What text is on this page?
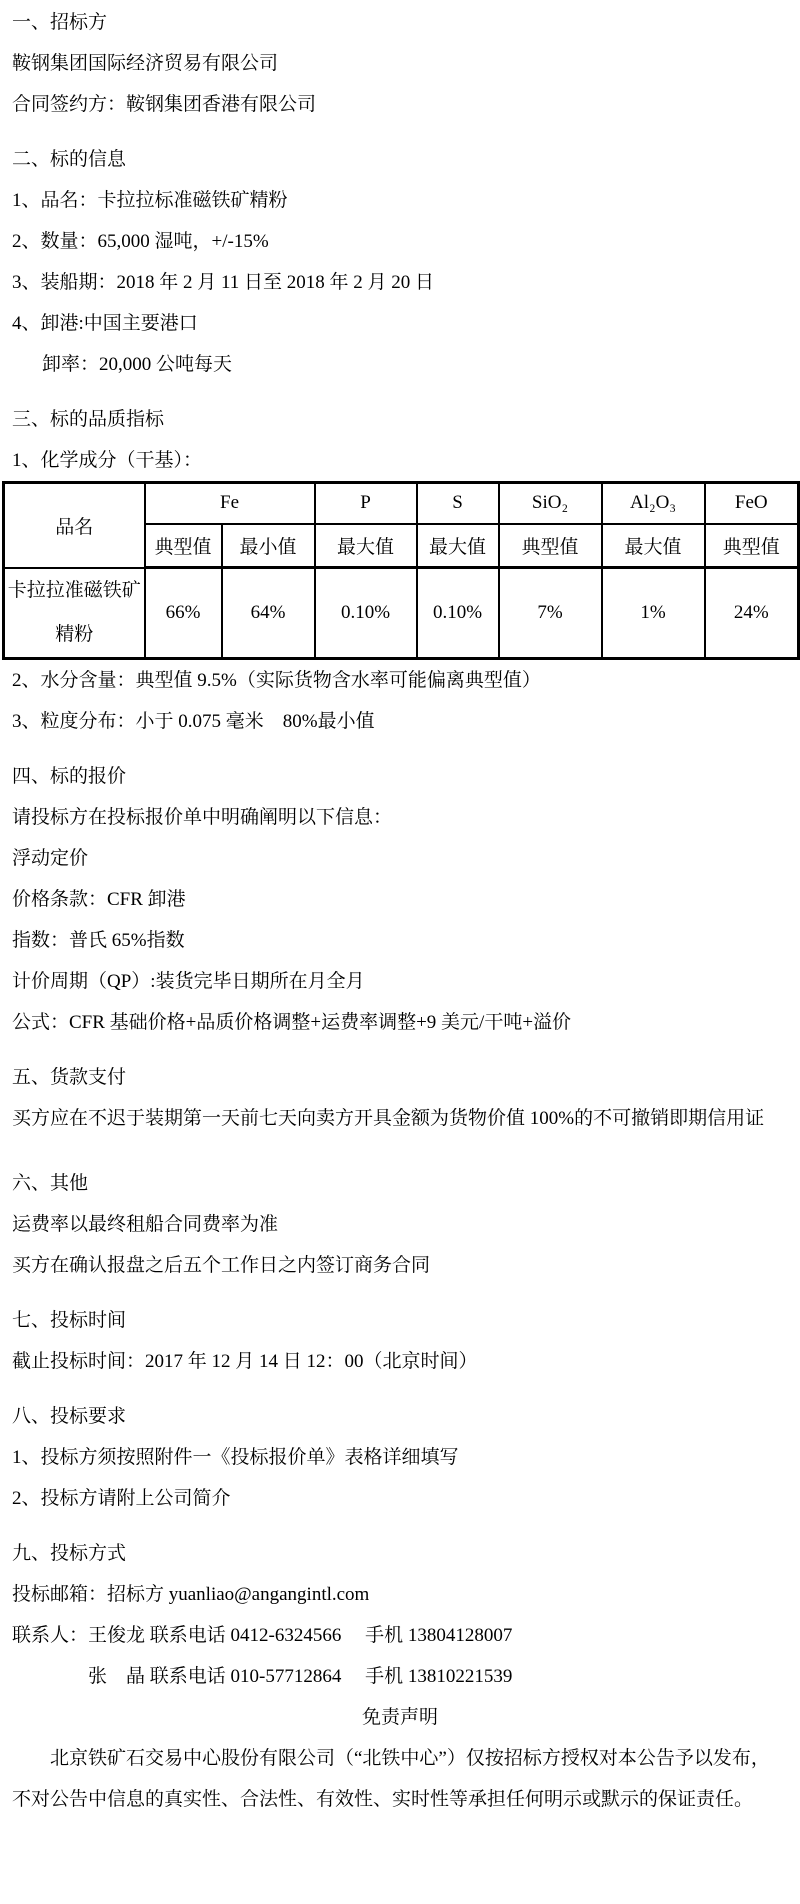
一、招标方

鞍钢集团国际经济贸易有限公司

合同签约方：鞍钢集团香港有限公司

二、标的信息

1、品名：卡拉拉标准磁铁矿精粉

2、数量：65,000 湿吨，+/-15%

3、装船期：2018 年 2 月 11 日至 2018 年 2 月 20 日

4、卸港:中国主要港口

卸率：20,000 公吨每天

三、标的品质指标

1、化学成分（干基）：

品名	Fe		P	S	SiO₂	Al₂O₃	FeO
	典型值	最小值	最大值	最大值	典型值	最大值	典型值
卡拉拉准磁铁矿精粉	66%	64%	0.10%	0.10%	7%	1%	24%

2、水分含量：典型值 9.5%（实际货物含水率可能偏离典型值）

3、粒度分布：小于 0.075 毫米　80%最小值

四、标的报价

请投标方在投标报价单中明确阐明以下信息：

浮动定价

价格条款：CFR 卸港

指数：普氏 65%指数

计价周期（QP）:装货完毕日期所在月全月

公式：CFR 基础价格+品质价格调整+运费率调整+9 美元/干吨+溢价

五、货款支付

买方应在不迟于装期第一天前七天向卖方开具金额为货物价值 100%的不可撤销即期信用证

六、其他

运费率以最终租船合同费率为准

买方在确认报盘之后五个工作日之内签订商务合同

七、投标时间

截止投标时间：2017 年 12 月 14 日 12：00（北京时间）

八、投标要求

1、投标方须按照附件一《投标报价单》表格详细填写

2、投标方请附上公司简介

九、投标方式

投标邮箱：招标方 yuanliao@angangintl.com

联系人：王俊龙 联系电话 0412-6324566 　手机 13804128007

张　晶 联系电话 010-57712864 　手机 13810221539

免责声明

北京铁矿石交易中心股份有限公司（“北铁中心”）仅按招标方授权对本公告予以发布，

不对公告中信息的真实性、合法性、有效性、实时性等承担任何明示或默示的保证责任。
